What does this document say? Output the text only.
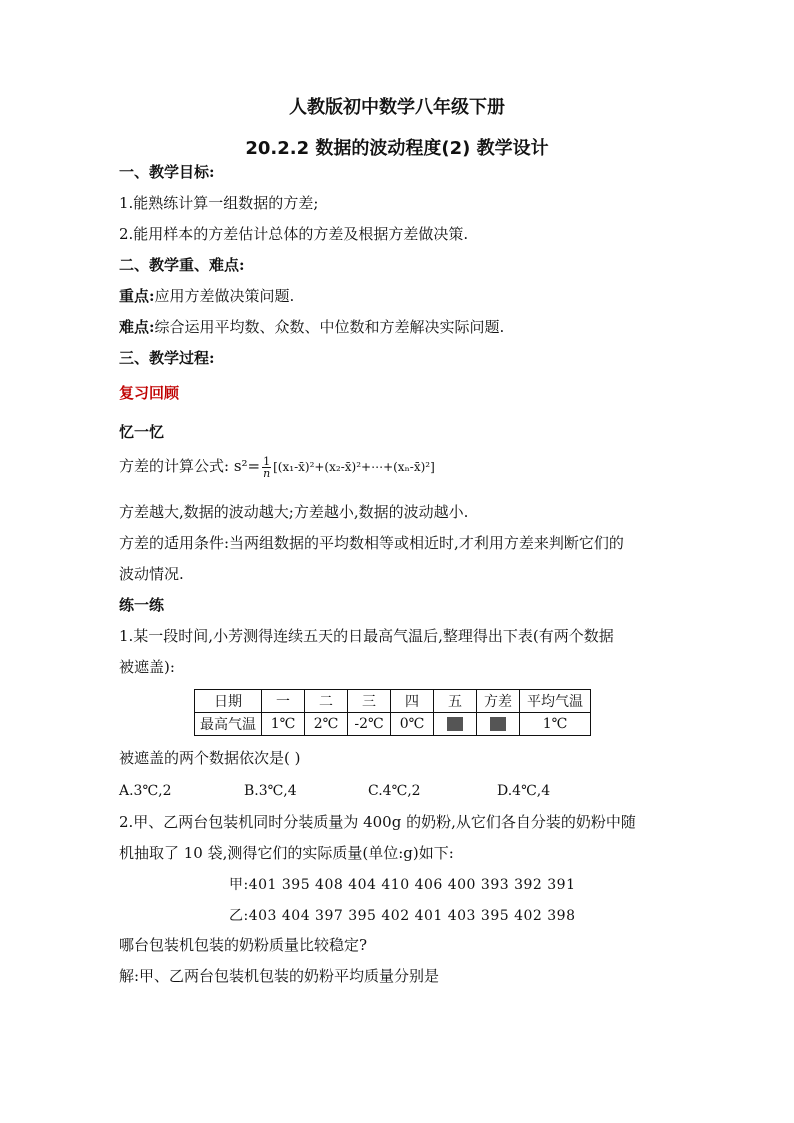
人教版初中数学八年级下册
20.2.2 数据的波动程度(2) 教学设计
一、教学目标:
1.能熟练计算一组数据的方差;
2.能用样本的方差估计总体的方差及根据方差做决策.
二、教学重、难点:
重点:应用方差做决策问题.
难点:综合运用平均数、众数、中位数和方差解决实际问题.
三、教学过程:
复习回顾
忆一忆
方差的计算公式: $s^2= \frac{1}{n}$ [(x₁-x̄)²+(x₂-x̄)²+⋯+(xₙ-x̄)²]
方差越大,数据的波动越大;方差越小,数据的波动越小.
方差的适用条件:当两组数据的平均数相等或相近时,才利用方差来判断它们的
波动情况.
练一练
1.某一段时间,小芳测得连续五天的日最高气温后,整理得出下表(有两个数据
被遮盖):
日期	一	二	三	四	五	方差	平均气温
最高气温	1℃	2℃	-2℃	0℃			1℃
被遮盖的两个数据依次是( )
A.3℃,2	B.3℃,4	C.4℃,2	D.4℃,4
2.甲、乙两台包装机同时分装质量为 400g 的奶粉,从它们各自分装的奶粉中随
机抽取了 10 袋,测得它们的实际质量(单位:g)如下:
甲:401 395 408 404 410 406 400 393 392 391
乙:403 404 397 395 402 401 403 395 402 398
哪台包装机包装的奶粉质量比较稳定?
解:甲、乙两台包装机包装的奶粉平均质量分别是
